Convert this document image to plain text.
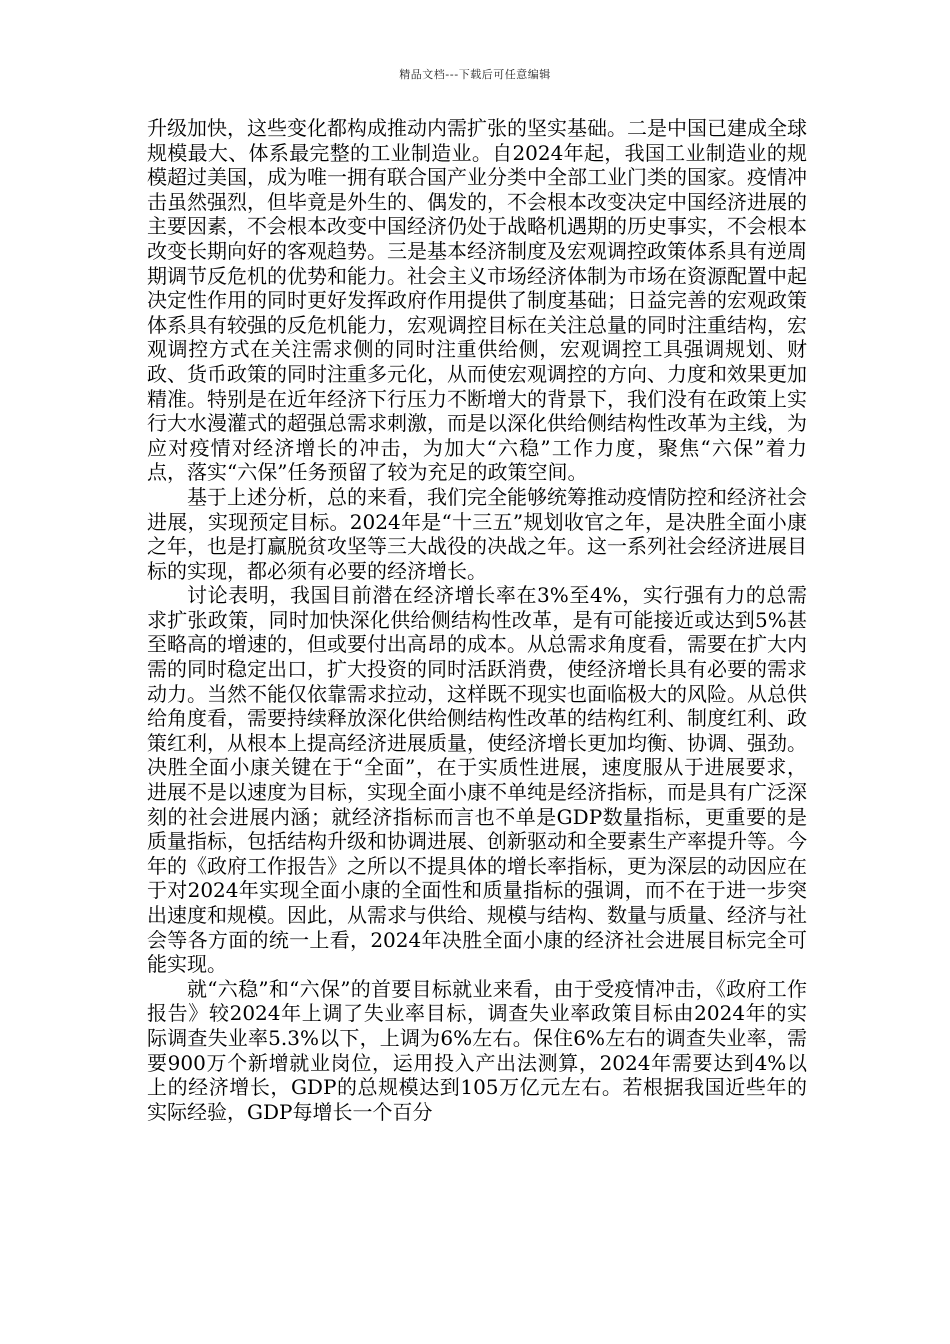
精品文档---下载后可任意编辑

升级加快，这些变化都构成推动内需扩张的坚实基础。二是中国已建成全球规模最大、体系最完整的工业制造业。自2024年起，我国工业制造业的规模超过美国，成为唯一拥有联合国产业分类中全部工业门类的国家。疫情冲击虽然强烈，但毕竟是外生的、偶发的，不会根本改变决定中国经济进展的主要因素，不会根本改变中国经济仍处于战略机遇期的历史事实，不会根本改变长期向好的客观趋势。三是基本经济制度及宏观调控政策体系具有逆周期调节反危机的优势和能力。社会主义市场经济体制为市场在资源配置中起决定性作用的同时更好发挥政府作用提供了制度基础；日益完善的宏观政策体系具有较强的反危机能力，宏观调控目标在关注总量的同时注重结构，宏观调控方式在关注需求侧的同时注重供给侧，宏观调控工具强调规划、财政、货币政策的同时注重多元化，从而使宏观调控的方向、力度和效果更加精准。特别是在近年经济下行压力不断增大的背景下，我们没有在政策上实行大水漫灌式的超强总需求刺激，而是以深化供给侧结构性改革为主线，为应对疫情对经济增长的冲击，为加大“六稳”工作力度，聚焦“六保”着力点，落实“六保”任务预留了较为充足的政策空间。

基于上述分析，总的来看，我们完全能够统筹推动疫情防控和经济社会进展，实现预定目标。2024年是“十三五”规划收官之年，是决胜全面小康之年，也是打赢脱贫攻坚等三大战役的决战之年。这一系列社会经济进展目标的实现，都必须有必要的经济增长。

讨论表明，我国目前潜在经济增长率在3%至4%，实行强有力的总需求扩张政策，同时加快深化供给侧结构性改革，是有可能接近或达到5%甚至略高的增速的，但或要付出高昂的成本。从总需求角度看，需要在扩大内需的同时稳定出口，扩大投资的同时活跃消费，使经济增长具有必要的需求动力。当然不能仅依靠需求拉动，这样既不现实也面临极大的风险。从总供给角度看，需要持续释放深化供给侧结构性改革的结构红利、制度红利、政策红利，从根本上提高经济进展质量，使经济增长更加均衡、协调、强劲。决胜全面小康关键在于“全面”，在于实质性进展，速度服从于进展要求，进展不是以速度为目标，实现全面小康不单纯是经济指标，而是具有广泛深刻的社会进展内涵；就经济指标而言也不单是GDP数量指标，更重要的是质量指标，包括结构升级和协调进展、创新驱动和全要素生产率提升等。今年的《政府工作报告》之所以不提具体的增长率指标，更为深层的动因应在于对2024年实现全面小康的全面性和质量指标的强调，而不在于进一步突出速度和规模。因此，从需求与供给、规模与结构、数量与质量、经济与社会等各方面的统一上看，2024年决胜全面小康的经济社会进展目标完全可能实现。

就“六稳”和“六保”的首要目标就业来看，由于受疫情冲击，《政府工作报告》较2024年上调了失业率目标，调查失业率政策目标由2024年的实际调查失业率5.3%以下，上调为6%左右。保住6%左右的调查失业率，需要900万个新增就业岗位，运用投入产出法测算，2024年需要达到4%以上的经济增长，GDP的总规模达到105万亿元左右。若根据我国近些年的实际经验，GDP每增长一个百分
